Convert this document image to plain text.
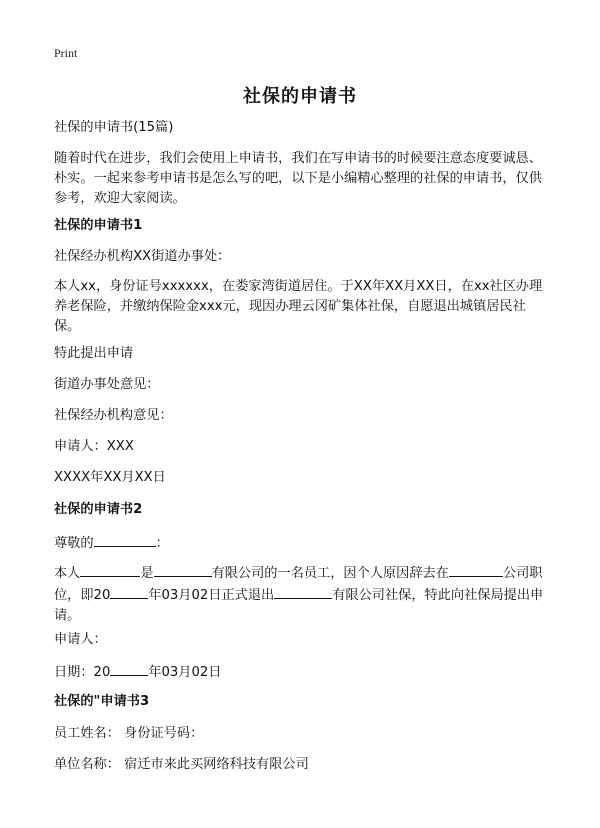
Print
社保的申请书

社保的申请书(15篇)

随着时代在进步，我们会使用上申请书，我们在写申请书的时候要注意态度要诚恳、朴实。一起来参考申请书是怎么写的吧，以下是小编精心整理的社保的申请书，仅供参考，欢迎大家阅读。

社保的申请书1

社保经办机构XX街道办事处：

本人xx，身份证号xxxxxx，在娄家湾街道居住。于XX年XX月XX日，在xx社区办理养老保险，并缴纳保险金xxx元，现因办理云冈矿集体社保，自愿退出城镇居民社保。

特此提出申请

街道办事处意见：

社保经办机构意见：

申请人：XXX

XXXX年XX月XX日

社保的申请书2

尊敬的	：

本人	是	有限公司的一名员工，因个人原因辞去在	公司职位，即20	年03月02日正式退出	有限公司社保，特此向社保局提出申请。

申请人：

日期：20	年03月02日

社保的"申请书3

员工姓名： 身份证号码：

单位名称： 宿迁市来此买网络科技有限公司
